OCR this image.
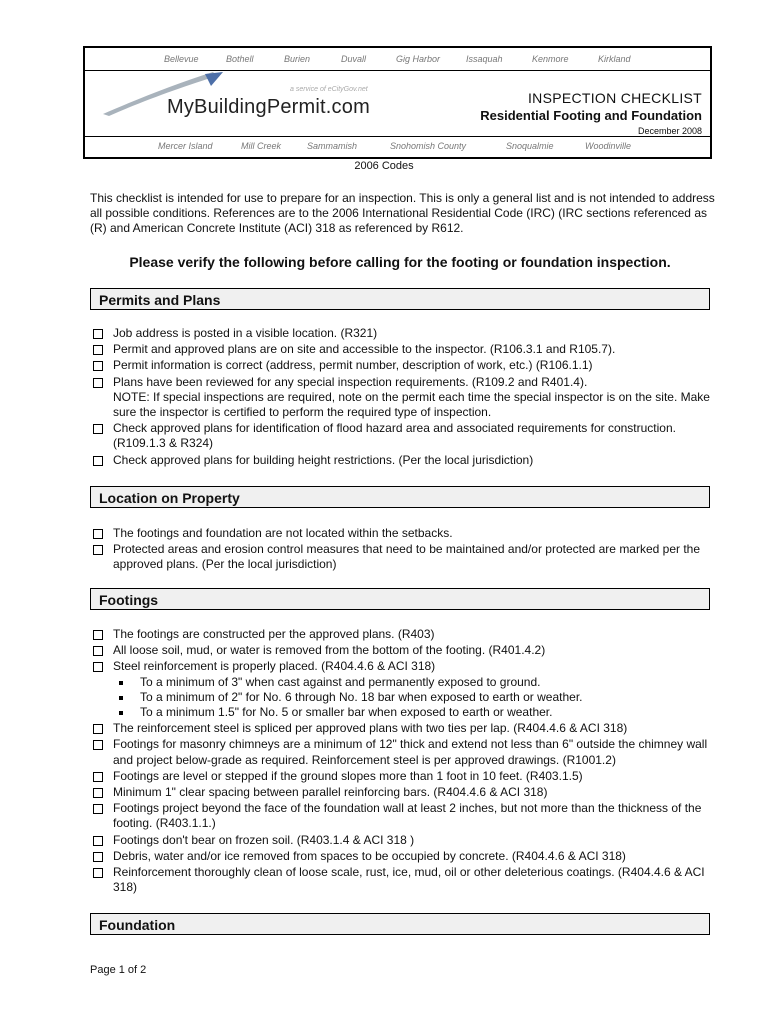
Bellevue	Bothell	Burien	Duvall	Gig Harbor	Issaquah	Kenmore	Kirkland
a service of eCityGov.net
MyBuildingPermit.com	INSPECTION CHECKLIST
Residential Footing and Foundation
December 2008
Mercer Island	Mill Creek	Sammamish	Snohomish County	Snoqualmie	Woodinville
2006 Codes
This checklist is intended for use to prepare for an inspection. This is only a general list and is not intended to address all possible conditions. References are to the 2006 International Residential Code (IRC) (IRC sections referenced as (R) and American Concrete Institute (ACI) 318 as referenced by R612.
Please verify the following before calling for the footing or foundation inspection.
Permits and Plans
Job address is posted in a visible location. (R321)
Permit and approved plans are on site and accessible to the inspector. (R106.3.1 and R105.7).
Permit information is correct (address, permit number, description of work, etc.) (R106.1.1)
Plans have been reviewed for any special inspection requirements. (R109.2 and R401.4).
NOTE: If special inspections are required, note on the permit each time the special inspector is on the site. Make sure the inspector is certified to perform the required type of inspection.
Check approved plans for identification of flood hazard area and associated requirements for construction. (R109.1.3 & R324)
Check approved plans for building height restrictions. (Per the local jurisdiction)
Location on Property
The footings and foundation are not located within the setbacks.
Protected areas and erosion control measures that need to be maintained and/or protected are marked per the approved plans. (Per the local jurisdiction)
Footings
The footings are constructed per the approved plans. (R403)
All loose soil, mud, or water is removed from the bottom of the footing. (R401.4.2)
Steel reinforcement is properly placed. (R404.4.6 & ACI 318)
To a minimum of 3" when cast against and permanently exposed to ground.
To a minimum of 2" for No. 6 through No. 18 bar when exposed to earth or weather.
To a minimum 1.5" for No. 5 or smaller bar when exposed to earth or weather.
The reinforcement steel is spliced per approved plans with two ties per lap. (R404.4.6 & ACI 318)
Footings for masonry chimneys are a minimum of 12" thick and extend not less than 6" outside the chimney wall and project below-grade as required. Reinforcement steel is per approved drawings. (R1001.2)
Footings are level or stepped if the ground slopes more than 1 foot in 10 feet. (R403.1.5)
Minimum 1" clear spacing between parallel reinforcing bars. (R404.4.6 & ACI 318)
Footings project beyond the face of the foundation wall at least 2 inches, but not more than the thickness of the footing. (R403.1.1.)
Footings don't bear on frozen soil. (R403.1.4 & ACI 318 )
Debris, water and/or ice removed from spaces to be occupied by concrete. (R404.4.6 & ACI 318)
Reinforcement thoroughly clean of loose scale, rust, ice, mud, oil or other deleterious coatings. (R404.4.6 & ACI 318)
Foundation
Page 1 of 2
